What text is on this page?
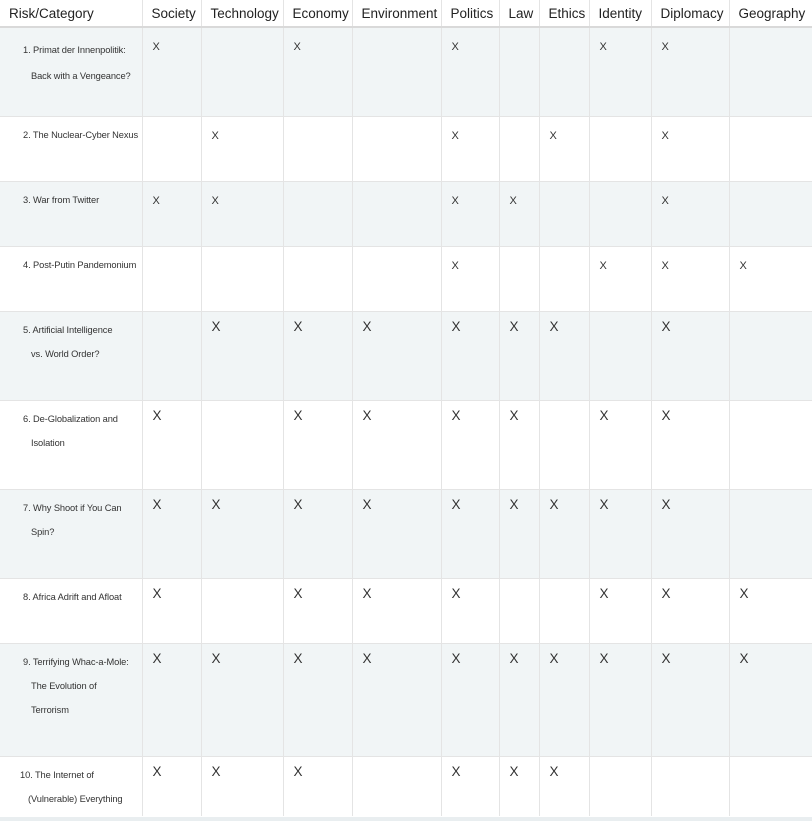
Risk/Category	Society	Technology	Economy	Environment	Politics	Law	Ethics	Identity	Diplomacy	Geography

1. Primat der Innenpolitik:
Back with a Vengeance?	X		X		X			X	X	

2. The Nuclear-Cyber Nexus		X			X		X		X	

3. War from Twitter	X	X			X	X			X	

4. Post-Putin Pandemonium					X			X	X	X

5. Artificial Intelligence
vs. World Order?		X	X	X	X	X	X		X	

6. De-Globalization and
Isolation	X		X	X	X	X		X	X	

7. Why Shoot if You Can
Spin?	X	X	X	X	X	X	X	X	X	

8. Africa Adrift and Afloat	X		X	X	X			X	X	X

9. Terrifying Whac-a-Mole:
The Evolution of
Terrorism	X	X	X	X	X	X	X	X	X	X

10. The Internet of
(Vulnerable) Everything	X	X	X		X	X	X			
